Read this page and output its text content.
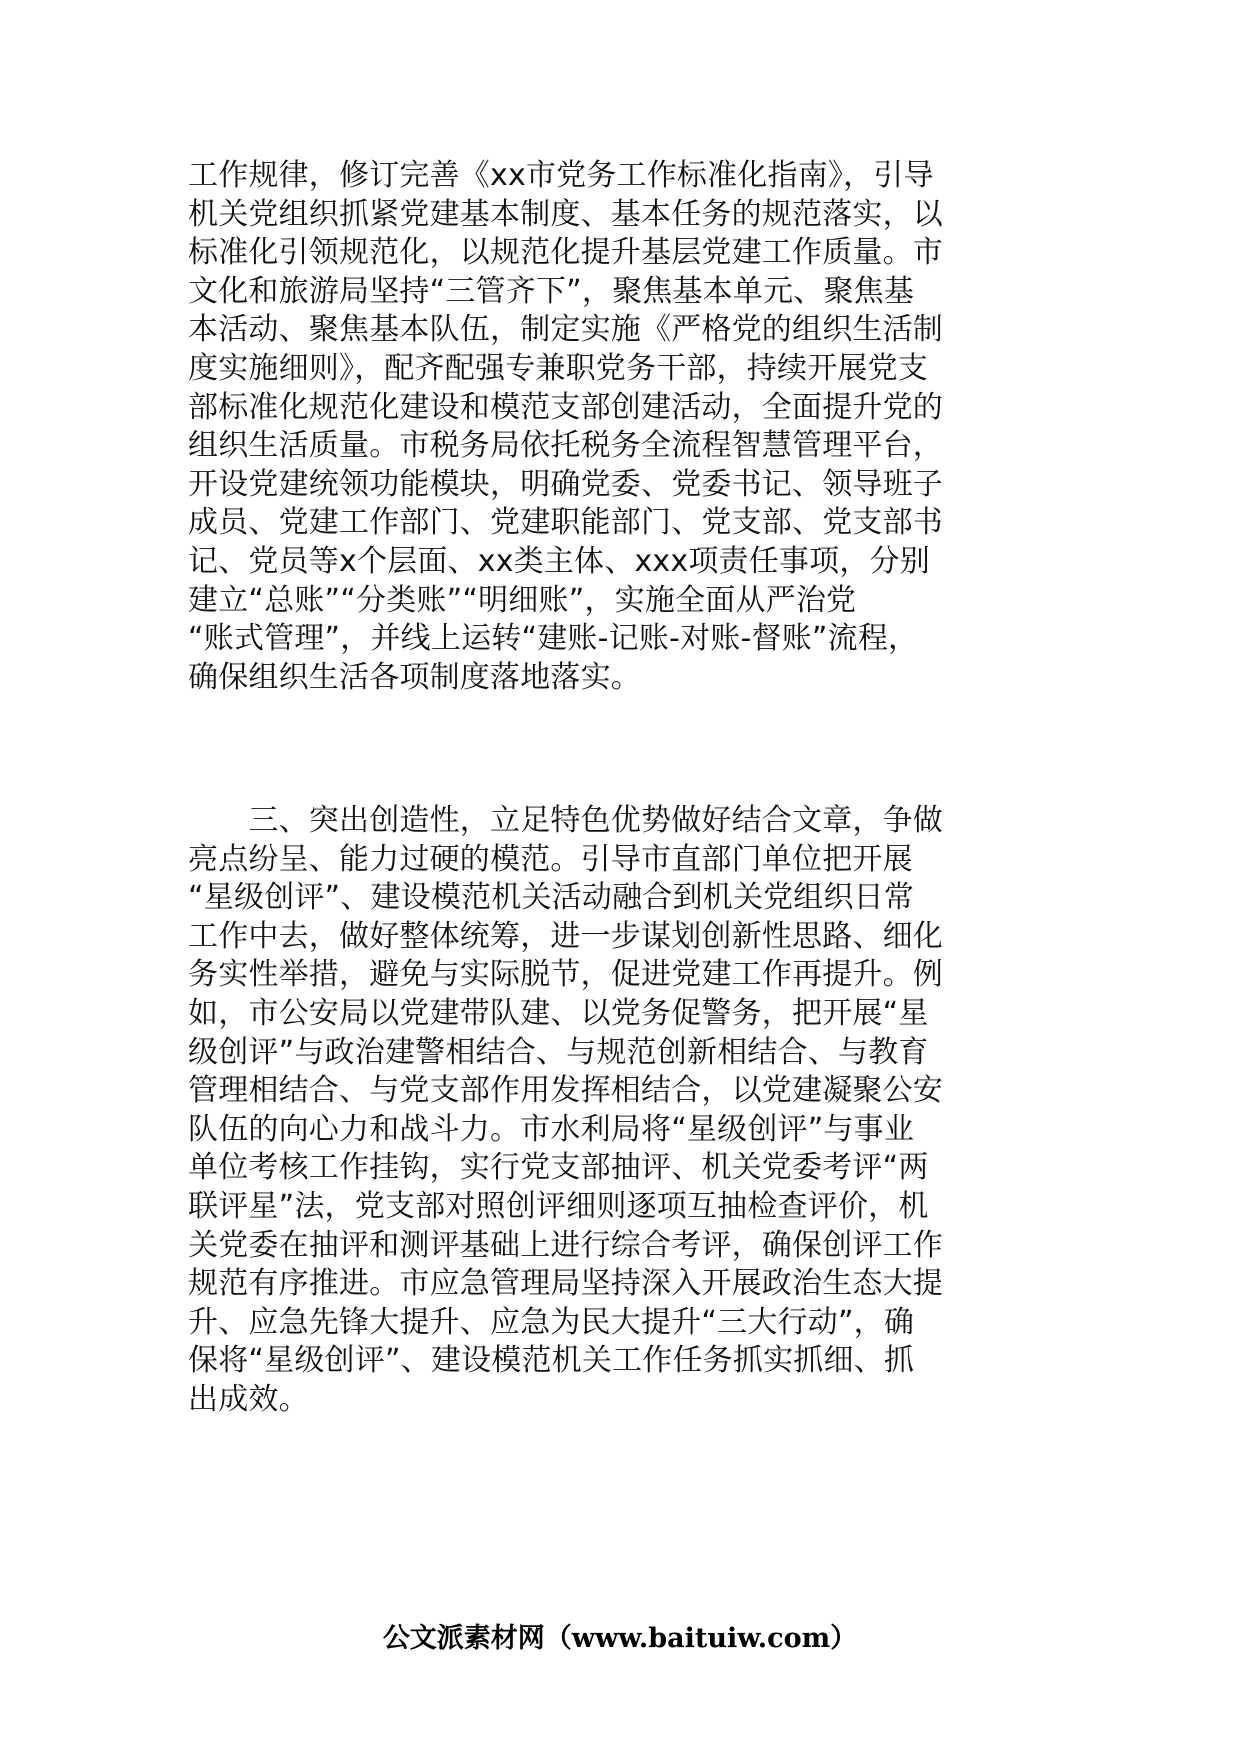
工作规律，修订完善《xx市党务工作标准化指南》，引导
机关党组织抓紧党建基本制度、基本任务的规范落实，以
标准化引领规范化，以规范化提升基层党建工作质量。市
文化和旅游局坚持“三管齐下”，聚焦基本单元、聚焦基
本活动、聚焦基本队伍，制定实施《严格党的组织生活制
度实施细则》，配齐配强专兼职党务干部，持续开展党支
部标准化规范化建设和模范支部创建活动，全面提升党的
组织生活质量。市税务局依托税务全流程智慧管理平台，
开设党建统领功能模块，明确党委、党委书记、领导班子
成员、党建工作部门、党建职能部门、党支部、党支部书
记、党员等x个层面、xx类主体、xxx项责任事项，分别
建立“总账”“分类账”“明细账”，实施全面从严治党
“账式管理”，并线上运转“建账-记账-对账-督账”流程，
确保组织生活各项制度落地落实。
　　三、突出创造性，立足特色优势做好结合文章，争做
亮点纷呈、能力过硬的模范。引导市直部门单位把开展
“星级创评”、建设模范机关活动融合到机关党组织日常
工作中去，做好整体统筹，进一步谋划创新性思路、细化
务实性举措，避免与实际脱节，促进党建工作再提升。例
如，市公安局以党建带队建、以党务促警务，把开展“星
级创评”与政治建警相结合、与规范创新相结合、与教育
管理相结合、与党支部作用发挥相结合，以党建凝聚公安
队伍的向心力和战斗力。市水利局将“星级创评”与事业
单位考核工作挂钩，实行党支部抽评、机关党委考评“两
联评星”法，党支部对照创评细则逐项互抽检查评价，机
关党委在抽评和测评基础上进行综合考评，确保创评工作
规范有序推进。市应急管理局坚持深入开展政治生态大提
升、应急先锋大提升、应急为民大提升“三大行动”，确
保将“星级创评”、建设模范机关工作任务抓实抓细、抓
出成效。
公文派素材网（www.baituiw.com）
